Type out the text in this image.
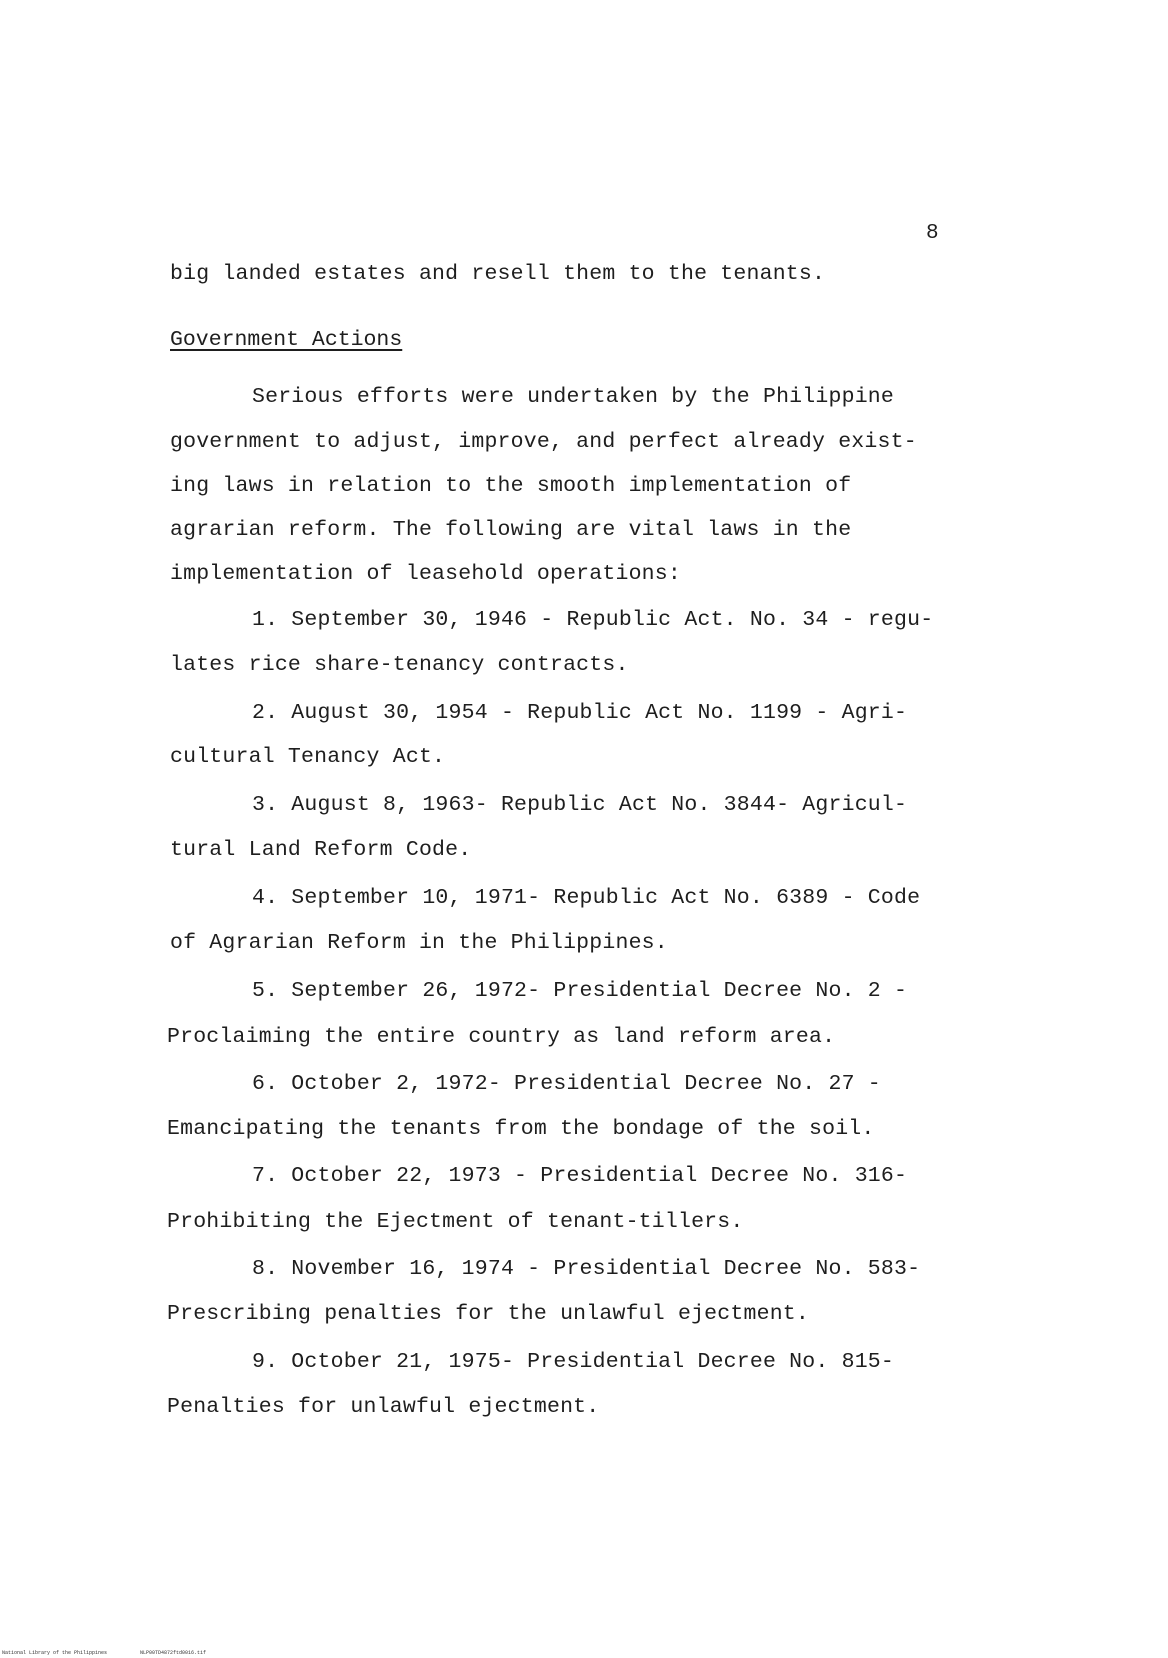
8
big landed estates and resell them to the tenants.
Government Actions
Serious efforts were undertaken by the Philippine
government to adjust, improve, and perfect already exist-
ing laws in relation to the smooth implementation of
agrarian reform. The following are vital laws in the
implementation of leasehold operations:
1. September 30, 1946 - Republic Act. No. 34 - regu-
lates rice share-tenancy contracts.
2. August 30, 1954 - Republic Act No. 1199 - Agri-
cultural Tenancy Act.
3. August 8, 1963- Republic Act No. 3844- Agricul-
tural Land Reform Code.
4. September 10, 1971- Republic Act No. 6389 - Code
of Agrarian Reform in the Philippines.
5. September 26, 1972- Presidential Decree No. 2 -
Proclaiming the entire country as land reform area.
6. October 2, 1972- Presidential Decree No. 27 -
Emancipating the tenants from the bondage of the soil.
7. October 22, 1973 - Presidential Decree No. 316-
Prohibiting the Ejectment of tenant-tillers.
8. November 16, 1974 - Presidential Decree No. 583-
Prescribing penalties for the unlawful ejectment.
9. October 21, 1975- Presidential Decree No. 815-
Penalties for unlawful ejectment.
National Library of the Philippines	NLP00TD4872ftd0016.tif
